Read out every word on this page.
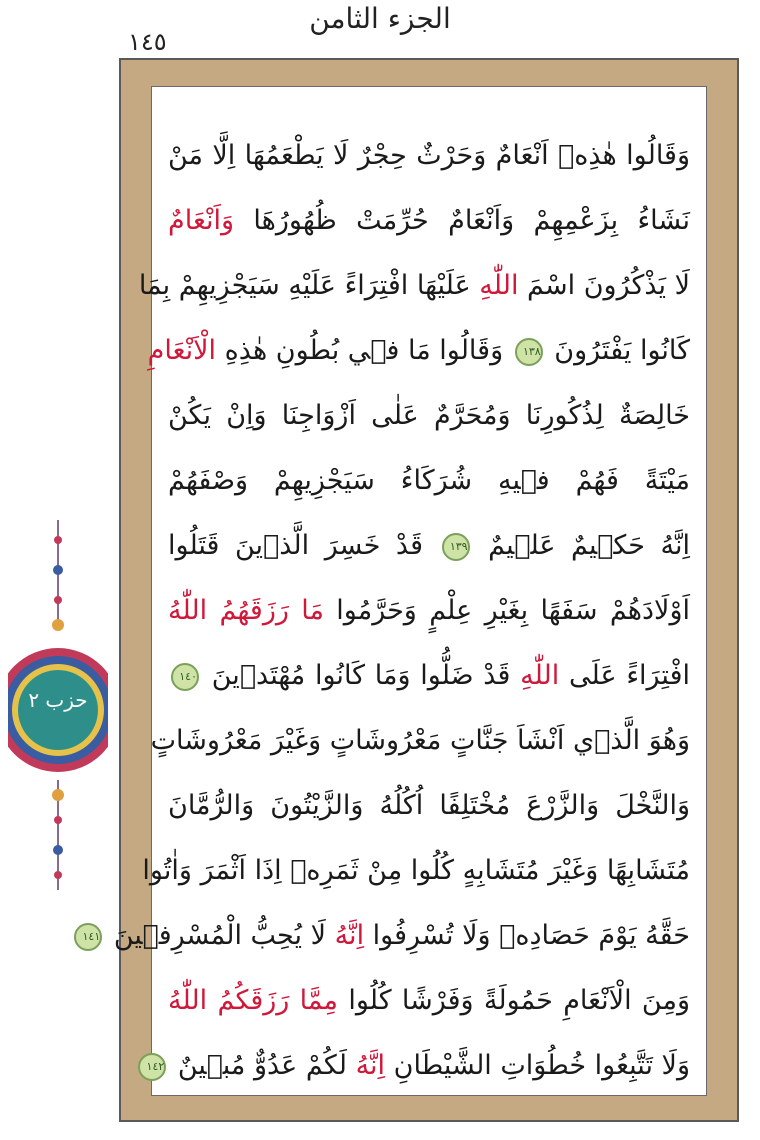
الجزء الثامن
١٤٥
وَقَالُوا هٰذِهٖ اَنْعَامٌ وَحَرْثٌ حِجْرٌ لَا يَطْعَمُهَا اِلَّا مَنْ
نَشَاءُ بِزَعْمِهِمْ وَاَنْعَامٌ حُرِّمَتْ ظُهُورُهَا وَاَنْعَامٌ
لَا يَذْكُرُونَ اسْمَ اللّٰهِ عَلَيْهَا افْتِرَاءً عَلَيْهِ سَيَجْزِيهِمْ بِمَا
كَانُوا يَفْتَرُونَ ١٣٨ وَقَالُوا مَا فٖي بُطُونِ هٰذِهِ الْاَنْعَامِ
خَالِصَةٌ لِذُكُورِنَا وَمُحَرَّمٌ عَلٰى اَزْوَاجِنَا وَاِنْ يَكُنْ
مَيْتَةً فَهُمْ فٖيهِ شُرَكَاءُ سَيَجْزِيهِمْ وَصْفَهُمْ
اِنَّهُ حَكٖيمٌ عَلٖيمٌ ١٣٩ قَدْ خَسِرَ الَّذٖينَ قَتَلُوا
اَوْلَادَهُمْ سَفَهًا بِغَيْرِ عِلْمٍ وَحَرَّمُوا مَا رَزَقَهُمُ اللّٰهُ
افْتِرَاءً عَلَى اللّٰهِ قَدْ ضَلُّوا وَمَا كَانُوا مُهْتَدٖينَ ١٤٠
وَهُوَ الَّذٖي اَنْشَاَ جَنَّاتٍ مَعْرُوشَاتٍ وَغَيْرَ مَعْرُوشَاتٍ
وَالنَّخْلَ وَالزَّرْعَ مُخْتَلِفًا اُكُلُهُ وَالزَّيْتُونَ وَالرُّمَّانَ
مُتَشَابِهًا وَغَيْرَ مُتَشَابِهٍ كُلُوا مِنْ ثَمَرِهٖ اِذَا اَثْمَرَ وَاٰتُوا
حَقَّهُ يَوْمَ حَصَادِهٖ وَلَا تُسْرِفُوا اِنَّهُ لَا يُحِبُّ الْمُسْرِفٖينَ ١٤١
وَمِنَ الْاَنْعَامِ حَمُولَةً وَفَرْشًا كُلُوا مِمَّا رَزَقَكُمُ اللّٰهُ
وَلَا تَتَّبِعُوا خُطُوَاتِ الشَّيْطَانِ اِنَّهُ لَكُمْ عَدُوٌّ مُبٖينٌ ١٤٢
حزب ٢
